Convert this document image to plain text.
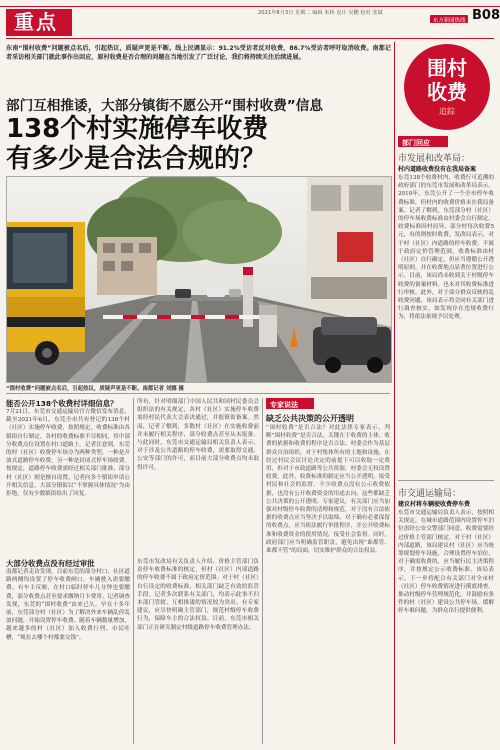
重点	2021年8月3日 星期二 编辑 朱林 设计 吴鹏 校对 张斌
东方新闻热线 B08
东南“围村收费”问题被点名后，引起热议，质疑声更是不断。线上民调显示：91.2%受访者反对收费，86.7%受访者呼吁取消收费。南都记者采访相关部门就此事作出回应，原村收费是否合理的问题在当地引发了广泛讨论，我们将持续关注后续进展。
部门互相推诿，大部分镇街不愿公开“围村收费”信息
138个村实施停车收费
有多少是合法合规的？
“围村收费”问题被点名后，引起热议，质疑声更是不断。南都记者 刘娜 摄
能否公开138个收费村详细信息？
7月21日，东莞市交通运输局官方微信发布消息，截至2021年6月，东莞全市共有登记的138个村（社区）实施停车收费，按照规定，收费标准由各镇街自行制定，各村的收费标准不尽相同，其中部分收费点位设置在村口道路上。记者注意到，东莞的村（社区）收费停车场分为两种类型，一种是开放式道路停车收费，另一种是封闭式停车场收费。按规定，道路停车收费需经过相关部门批准，部分村（社区）则是擅自设置。记者向多个镇街申请公开相关信息，大部分镇街以“不掌握具体情况”为由拒绝，仅有少数镇街给出了回复。
大部分收费点没有经过审批
南都记者走访发现，目前东莞的部分村口、社区道路两侧均设置了停车收费闸口，车辆驶入需要缴费。有车主反映，在村口临时停车几分钟也要缴费，部分收费点甚至要求缴纳月卡费用。记者调查发现，东莞的“围村收费”由来已久。早在十多年前，东莞部分村（社区）为了解决外来车辆乱停乱放问题，开始设置停车收费。随着车辆数量增加，越来越多的村（社区）加入收费行列。市民吐槽，“现在去哪个村都要交钱”。
所有，针对明细部门中国人民共和国村民委员会组织法的有关规定，各村（社区）实施停车收费需经村民代表大会表决通过，并报镇街备案。然而，记者了解到，多数村（社区）在实施收费前并未履行相关程序，部分收费点甚至从未报备。与此同时，东莞市交通运输局相关负责人表示，对于涉及公共道路的停车收费，需要取得交通、公安等部门的许可，而目前大部分收费点均未取得许可。
东莞市发改局有关负责人介绍，价格主管部门负责停车收费标准的核定，但村（社区）内部道路的停车收费不属于政府定价范围。对于村（社区）自行设定的收费标准，相关部门缺乏有效的监管手段。记者多次联系有关部门，均表示此事不归本部门管辖，互相推诿的情况较为突出。有专家建议，应尽快明确主管部门，规范村级停车收费行为，保障车主的合法权益。目前，东莞市相关部门正在研究制定村级道路停车收费管理办法。
专家说法
缺乏公共决策的公开透明
“围村收费”是否合法？对此法律专家表示，判断“围村收费”是否合法，关键在于收费的主体、收费的依据和收费的程序是否合法。村委会作为基层群众自治组织，对于村集体所有的土地和设施，在经过村民会议讨论决定的前提下可以收取一定费用，但对于市政道路等公共资源，村委会无权设置收费。此外，收费标准的制定应当公开透明，接受村民和社会的监督。不少收费点没有公示收费依据，也没有公开收费资金的用途去向，这些都缺乏公共决策的公开透明。专家建议，有关部门应当加强对村级停车收费的清理和规范，对于没有合法依据的收费点应当坚决予以取缔，对于确有必要保留的收费点，应当依法履行审批程序，并公开收费标准和收费资金的使用情况，接受社会监督。同时，政府部门应当明确监管职责，避免出现“谁都管、谁都不管”的局面，切实维护群众的合法权益。
围村
收费
追踪
部门回应
市发展和改革局：
村内道路收费没有在我局备案
东莞138个收费村内，收费行可追溯的政府部门的东莞市发展和改革局表示，2010年，东莞公开了一个全市停车收费标准，但村内的收费价格未在我局备案。记者了解到，东莞部分村（社区）的停车场收费标准由村委会自行制定，收费标准因村而异，部分村每次收费5元，有的则按时收费。发改局表示，对于村（社区）内道路的停车收费，不属于政府定价管理范围，收费标准由村（社区）自行确定，但应当遵循公开透明原则，并在收费地点显著位置进行公示。目前，该局尚未收到关于村级停车收费的备案材料，也未对其收费标准进行审核。此外，对于部分群众反映的乱收费问题，该局表示将会同有关部门进行调查核实，如发现存在违规收费行为，将依法依规予以处理。
市交通运输局：
建议村将车辆驶收费停车费
东莞市交通运输局负责人表示，按照相关规定，在城市道路范围内设置停车泊位需经公安交警部门同意，收费需要经过价格主管部门核定。对于村（社区）内部道路，该局建议村（社区）应当统筹规划停车设施，合理设置停车泊位，对于确需收费的，应当履行民主决策程序，并按规定公示收费标准。该局表示，下一步将配合有关部门对全市村（社区）停车收费情况进行摸底排查，推动村级停车管理规范化，并鼓励有条件的村（社区）建设公共停车场，缓解停车难问题，为群众出行提供便利。
